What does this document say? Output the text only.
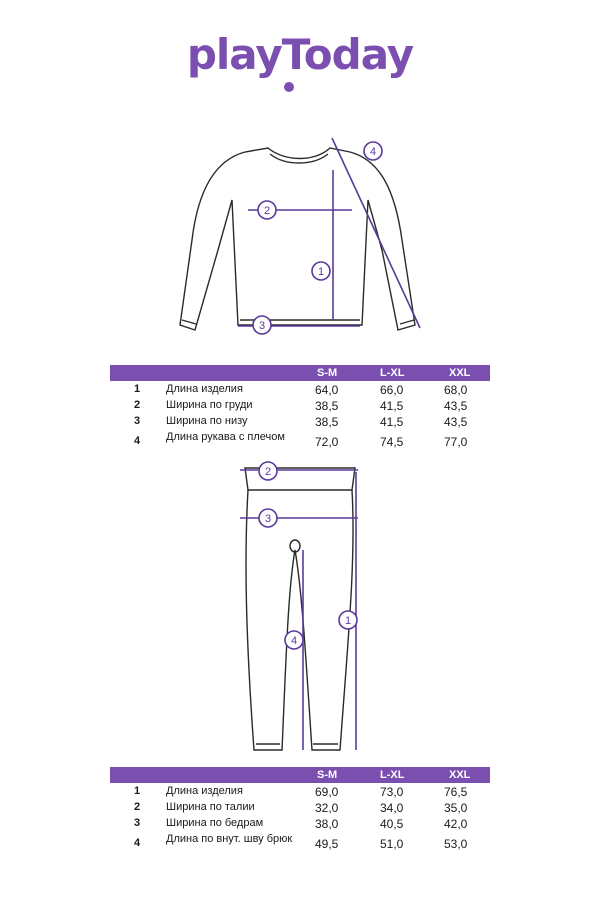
playToday
1
2
3
4
S-M	L-XL	XXL
1 Длина изделия	64,0	66,0	68,0
2 Ширина по груди	38,5	41,5	43,5
3 Ширина по низу	38,5	41,5	43,5
4 Длина рукава с плечом	72,0	74,5	77,0
1
2
3
4
S-M	L-XL	XXL
1 Длина изделия	69,0	73,0	76,5
2 Ширина по талии	32,0	34,0	35,0
3 Ширина по бедрам	38,0	40,5	42,0
4 Длина по внут. шву брюк	49,5	51,0	53,0
